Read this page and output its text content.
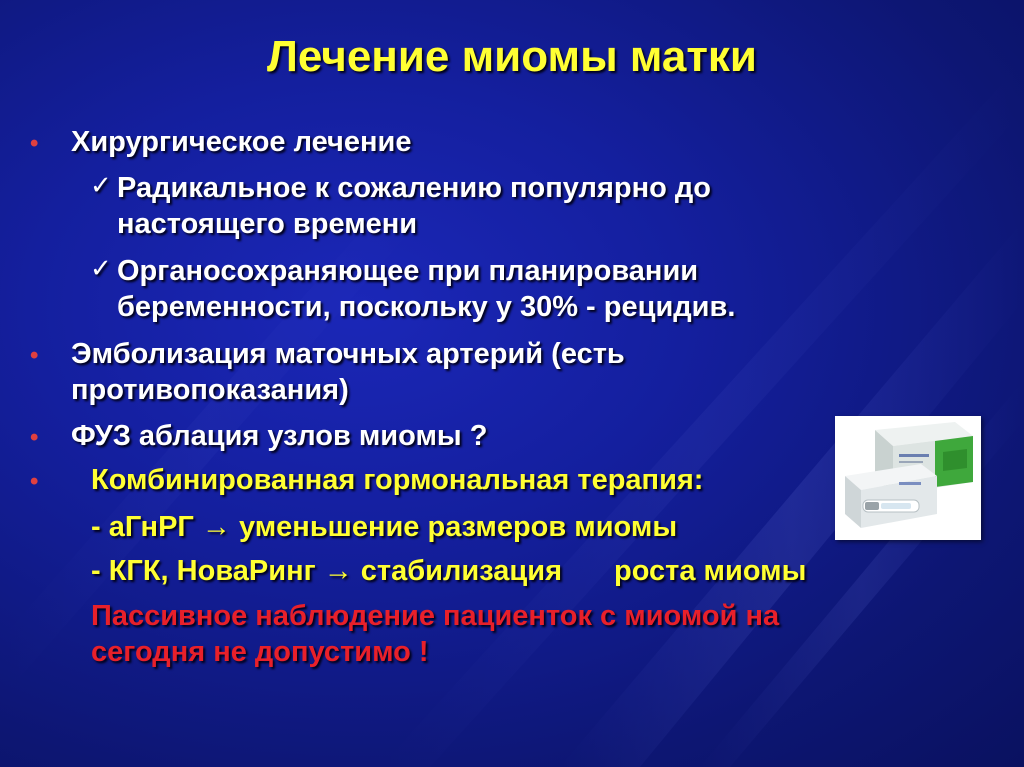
Лечение миомы матки
• Хирургическое лечение
✓ Радикальное к сожалению популярно до
настоящего времени
✓ Органосохраняющее при планировании
беременности, поскольку у 30% - рецидив.
• Эмболизация маточных артерий (есть
противопоказания)
• ФУЗ аблация узлов миомы ?
• Комбинированная гормональная терапия:
- аГнРГ → уменьшение размеров миомы
- КГК, НоваРинг → стабилизация роста миомы
Пассивное наблюдение пациенток с миомой на
сегодня не допустимо !
